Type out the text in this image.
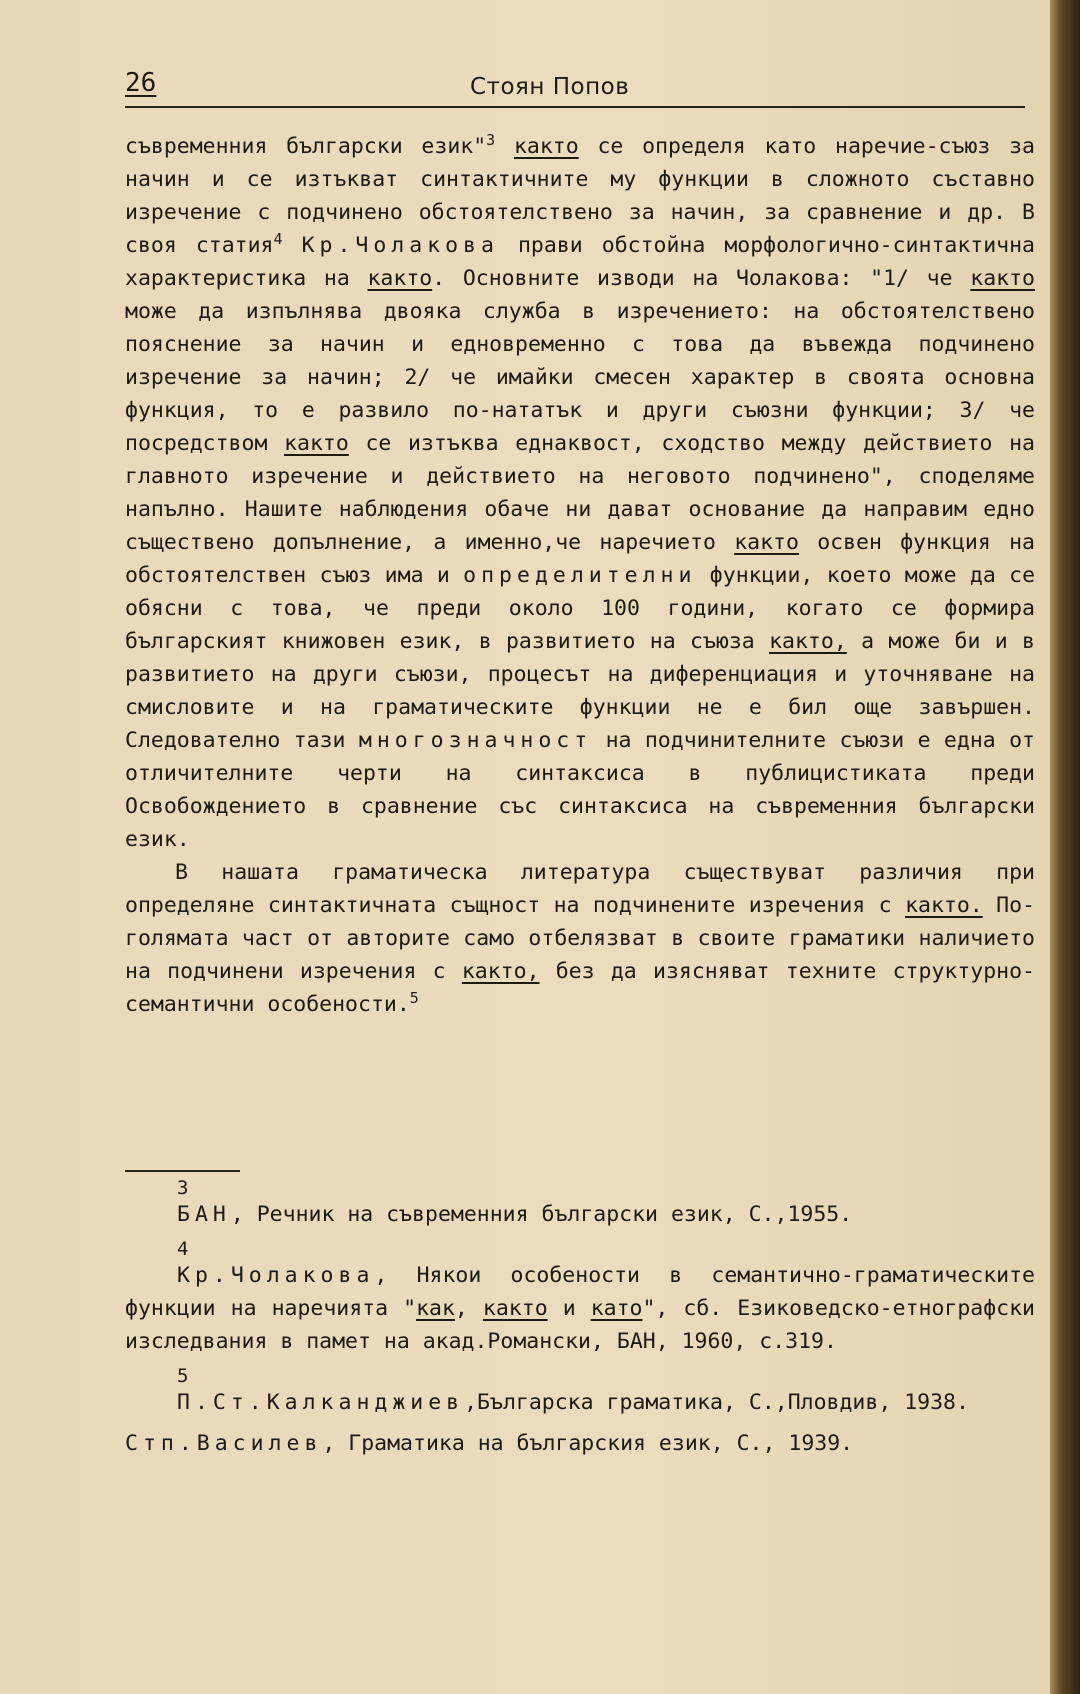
26	Стоян Попов

съвременния български език"$^3$ както се определя като наречие-съюз за начин и се изтъкват синтактичните му функции в сложното съставно изречение с подчинено обстоятелствено за начин, за сравнение и др. В своя статия$^4$ Кр.Чолакова прави обстойна морфологично-синтактична характеристика на както. Основните изводи на Чолакова: "1/ че както може да изпълнява двояка служба в изречението: на обстоятелствено пояснение за начин и едновременно с това да въвежда подчинено изречение за начин; 2/ че имайки смесен характер в своята основна функция, то е развило по-нататък и други съюзни функции; 3/ че посредством както се изтъква еднаквост, сходство между действието на главното изречение и действието на неговото подчинено", споделяме напълно. Нашите наблюдения обаче ни дават основание да направим едно съществено допълнение, а именно,че наречието както освен функция на обстоятелствен съюз има и определителни функции, което може да се обясни с това, че преди около 100 години, когато се формира българският книжовен език, в развитието на съюза както, а може би и в развитието на други съюзи, процесът на диференциация и уточняване на смисловите и на граматическите функции не е бил още завършен. Следователно тази многозначност на подчинителните съюзи е една от отличителните черти на синтаксиса в публицистиката преди Освобождението в сравнение със синтаксиса на съвременния български език.

В нашата граматическа литература съществуват различия при определяне синтактичната същност на подчинените изречения с както. По-голямата част от авторите само отбелязват в своите граматики наличието на подчинени изречения с както, без да изясняват техните структурно-семантични особености.$^5$

3
БАН, Речник на съвременния български език, С.,1955.
4
Кр.Чолакова, Някои особености в семантично-граматическите функции на наречията "как, както и като", сб. Езиковедско-етнографски изследвания в памет на акад.Романски, БАН, 1960, с.319.
5
П.Ст.Калканджиев,Българска граматика, С.,Пловдив, 1938.
Стп.Василев, Граматика на българския език, С., 1939.
